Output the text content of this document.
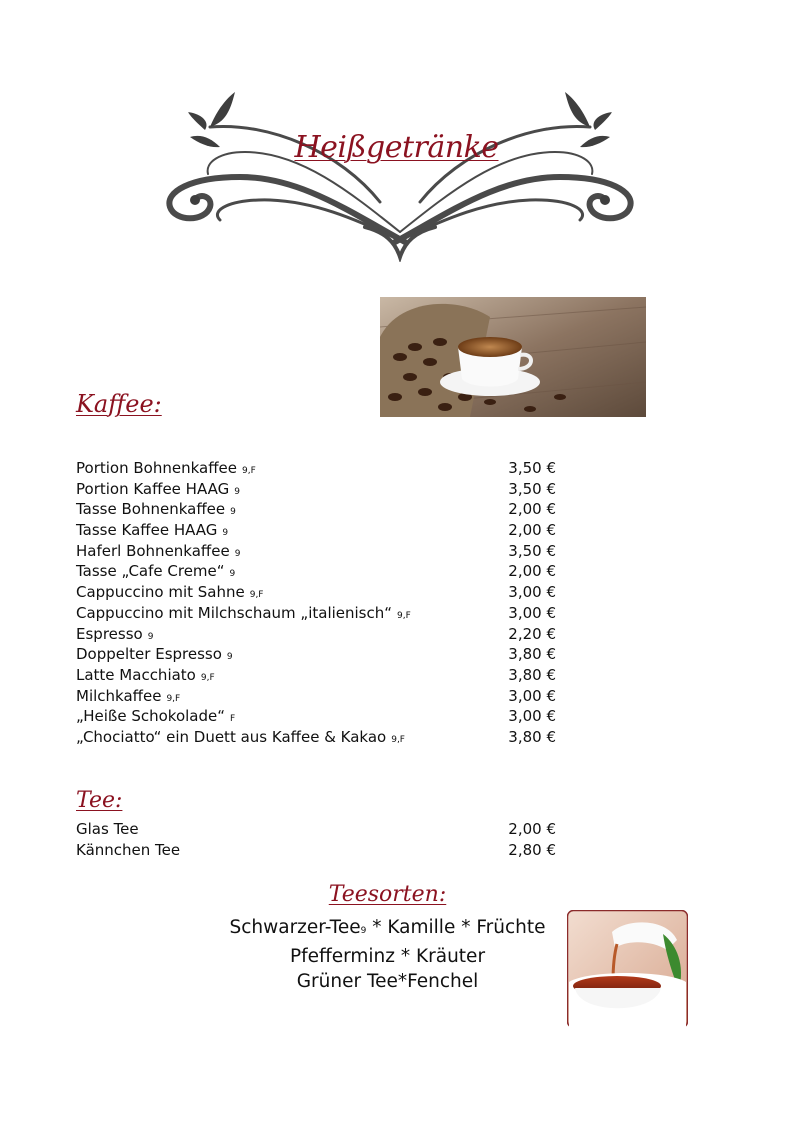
Heißgetränke
Kaffee:
Portion Bohnenkaffee 9,F	3,50 €
Portion Kaffee HAAG 9	3,50 €
Tasse Bohnenkaffee 9	2,00 €
Tasse Kaffee HAAG 9	2,00 €
Haferl Bohnenkaffee 9	3,50 €
Tasse „Cafe Creme“ 9	2,00 €
Cappuccino mit Sahne 9,F	3,00 €
Cappuccino mit Milchschaum „italienisch“ 9,F	3,00 €
Espresso 9	2,20 €
Doppelter Espresso 9	3,80 €
Latte Macchiato 9,F	3,80 €
Milchkaffee 9,F	3,00 €
„Heiße Schokolade“ F	3,00 €
„Chociatto“ ein Duett aus Kaffee & Kakao 9,F	3,80 €
Tee:
Glas Tee	2,00 €
Kännchen Tee	2,80 €
Teesorten:
Schwarzer-Tee9 * Kamille * Früchte
Pfefferminz * Kräuter
Grüner Tee*Fenchel
